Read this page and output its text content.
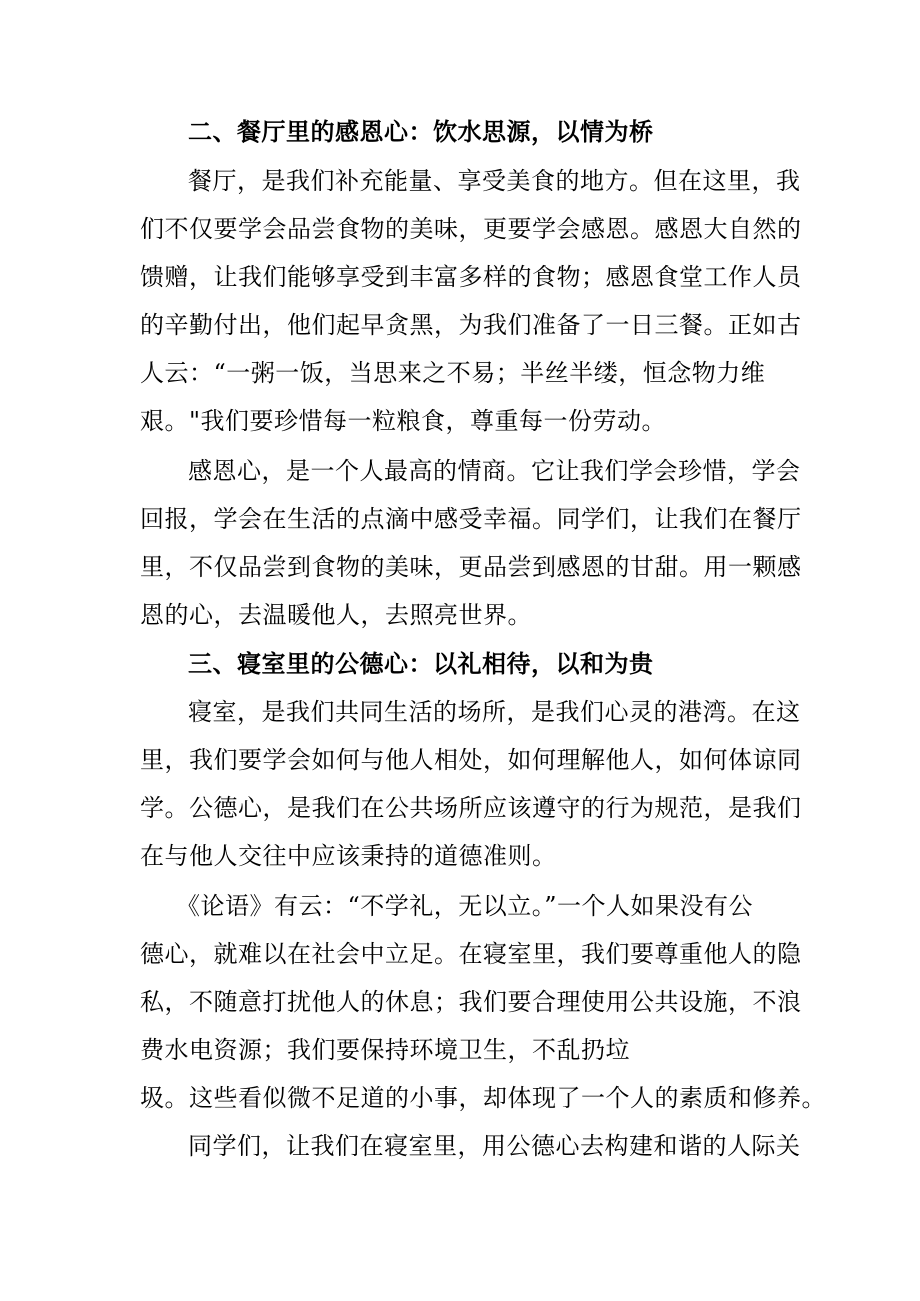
二、餐厅里的感恩心：饮水思源，以情为桥
餐厅，是我们补充能量、享受美食的地方。但在这里，我
们不仅要学会品尝食物的美味，更要学会感恩。感恩大自然的
馈赠，让我们能够享受到丰富多样的食物；感恩食堂工作人员
的辛勤付出，他们起早贪黑，为我们准备了一日三餐。正如古
人云：“一粥一饭，当思来之不易；半丝半缕，恒念物力维
艰。"我们要珍惜每一粒粮食，尊重每一份劳动。
感恩心，是一个人最高的情商。它让我们学会珍惜，学会
回报，学会在生活的点滴中感受幸福。同学们，让我们在餐厅
里，不仅品尝到食物的美味，更品尝到感恩的甘甜。用一颗感
恩的心，去温暖他人，去照亮世界。
三、寝室里的公德心：以礼相待，以和为贵
寝室，是我们共同生活的场所，是我们心灵的港湾。在这
里，我们要学会如何与他人相处，如何理解他人，如何体谅同
学。公德心，是我们在公共场所应该遵守的行为规范，是我们
在与他人交往中应该秉持的道德准则。
《论语》有云：“不学礼，无以立。”一个人如果没有公
德心，就难以在社会中立足。在寝室里，我们要尊重他人的隐
私，不随意打扰他人的休息；我们要合理使用公共设施，不浪
费水电资源；我们要保持环境卫生，不乱扔垃
圾。这些看似微不足道的小事，却体现了一个人的素质和修养。
同学们，让我们在寝室里，用公德心去构建和谐的人际关
